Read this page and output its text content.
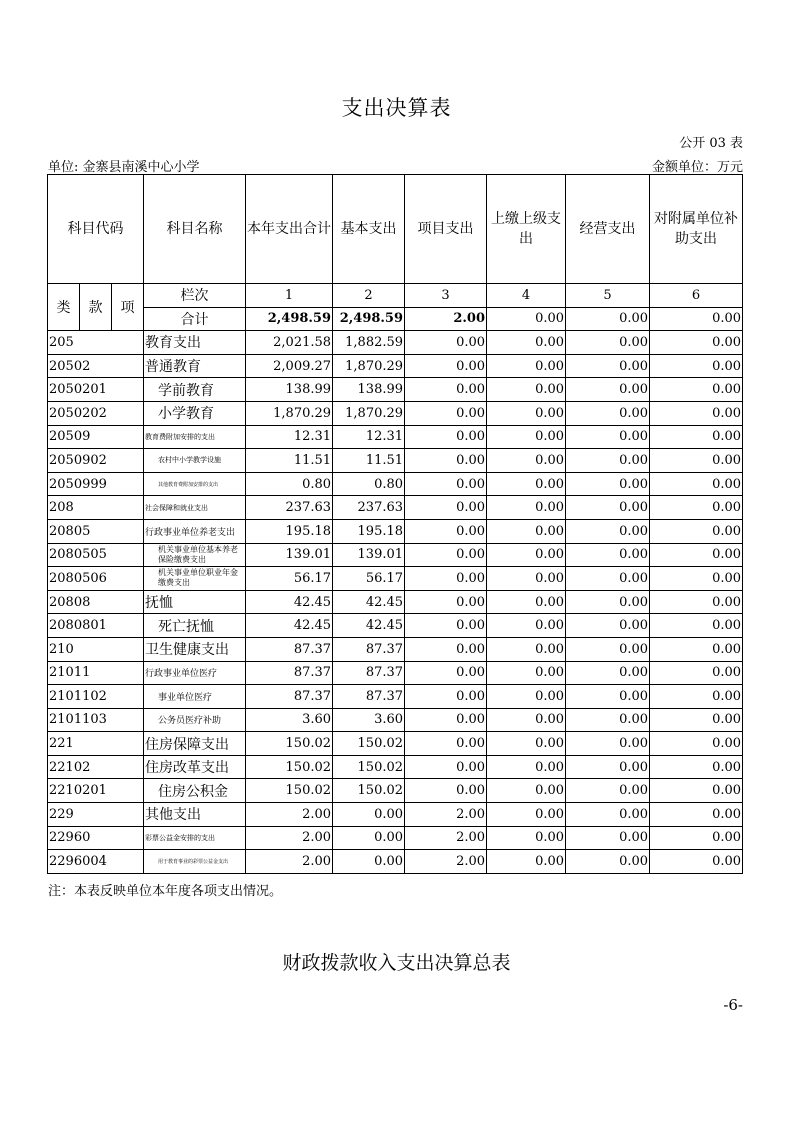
支出决算表
公开 03 表
单位: 金寨县南溪中心小学	金额单位：万元
科目代码			科目名称	本年支出合计	基本支出	项目支出	上缴上级支出	经营支出	对附属单位补助支出
类	款	项	栏次	1	2	3	4	5	6
			合计	2,498.59	2,498.59	2.00	0.00	0.00	0.00
205			教育支出	2,021.58	1,882.59	0.00	0.00	0.00	0.00
20502			普通教育	2,009.27	1,870.29	0.00	0.00	0.00	0.00
2050201			学前教育	138.99	138.99	0.00	0.00	0.00	0.00
2050202			小学教育	1,870.29	1,870.29	0.00	0.00	0.00	0.00
20509			教育费附加安排的支出	12.31	12.31	0.00	0.00	0.00	0.00
2050902			农村中小学教学设施	11.51	11.51	0.00	0.00	0.00	0.00
2050999			其他教育费附加安排的支出	0.80	0.80	0.00	0.00	0.00	0.00
208			社会保障和就业支出	237.63	237.63	0.00	0.00	0.00	0.00
20805			行政事业单位养老支出	195.18	195.18	0.00	0.00	0.00	0.00
2080505			机关事业单位基本养老保险缴费支出	139.01	139.01	0.00	0.00	0.00	0.00
2080506			机关事业单位职业年金缴费支出	56.17	56.17	0.00	0.00	0.00	0.00
20808			抚恤	42.45	42.45	0.00	0.00	0.00	0.00
2080801			死亡抚恤	42.45	42.45	0.00	0.00	0.00	0.00
210			卫生健康支出	87.37	87.37	0.00	0.00	0.00	0.00
21011			行政事业单位医疗	87.37	87.37	0.00	0.00	0.00	0.00
2101102			事业单位医疗	87.37	87.37	0.00	0.00	0.00	0.00
2101103			公务员医疗补助	3.60	3.60	0.00	0.00	0.00	0.00
221			住房保障支出	150.02	150.02	0.00	0.00	0.00	0.00
22102			住房改革支出	150.02	150.02	0.00	0.00	0.00	0.00
2210201			住房公积金	150.02	150.02	0.00	0.00	0.00	0.00
229			其他支出	2.00	0.00	2.00	0.00	0.00	0.00
22960			彩票公益金安排的支出	2.00	0.00	2.00	0.00	0.00	0.00
2296004			用于教育事业的彩票公益金支出	2.00	0.00	2.00	0.00	0.00	0.00
注：本表反映单位本年度各项支出情况。
财政拨款收入支出决算总表
-6-
